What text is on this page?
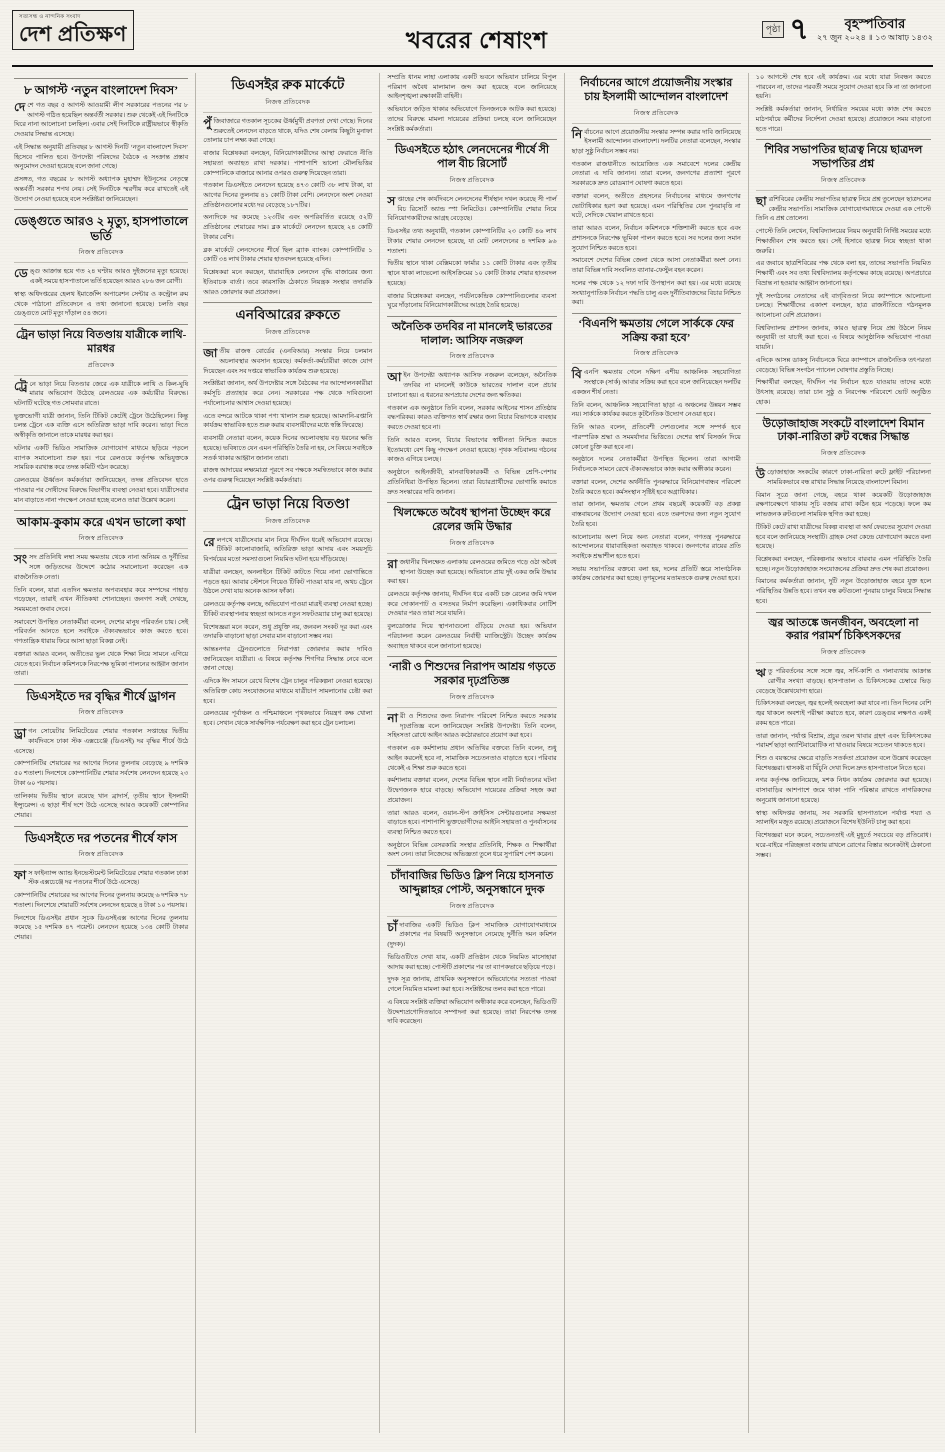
সত্যসন্ধ ও নান্দনিক সংবাদ
দেশ প্রতিক্ষণ	খবরের শেষাংশ	পৃষ্ঠা ৭	বৃহস্পতিবার
২৭ জুন ২০২৪ ॥ ১৩ আষাঢ় ১৪৩২
৮ আগস্ট ‘নতুন বাংলাদেশ দিবস’

দেশে গত বছর ৫ আগস্ট আওয়ামী লীগ সরকারের পতনের পর ৮ আগস্ট গঠিত হয়েছিল অন্তর্বর্তী সরকার। শুরু থেকেই এই দিনটিকে ঘিরে নানা আলোচনা চলছিল। এবার সেই দিনটিকে রাষ্ট্রীয়ভাবে স্বীকৃতি দেওয়ার সিদ্ধান্ত এসেছে।

এই সিদ্ধান্ত অনুযায়ী প্রতিবছর ৮ আগস্ট দিনটি ‘নতুন বাংলাদেশ দিবস’ হিসেবে পালিত হবে। উপদেষ্টা পরিষদের বৈঠকে এ সংক্রান্ত প্রস্তাব অনুমোদন দেওয়া হয়েছে বলে জানা গেছে।

প্রসঙ্গত, গত বছরের ৮ আগস্ট অধ্যাপক মুহাম্মদ ইউনূসের নেতৃত্বে অন্তর্বর্তী সরকার শপথ নেয়। সেই দিনটিকে স্মরণীয় করে রাখতেই এই উদ্যোগ নেওয়া হয়েছে বলে সংশ্লিষ্টরা জানিয়েছেন।

ডেঙ্গুতে আরও ২ মৃত্যু, হাসপাতালে ভর্তি
নিজস্ব প্রতিবেদক

ডেঙ্গু আক্রান্ত হয়ে গত ২৪ ঘণ্টায় আরও দুইজনের মৃত্যু হয়েছে। একই সময়ে হাসপাতালে ভর্তি হয়েছেন আরও ২৮৬ জন রোগী।

স্বাস্থ্য অধিদপ্তরের হেলথ ইমার্জেন্সি অপারেশন সেন্টার ও কন্ট্রোল রুম থেকে পাঠানো প্রতিবেদনে এ তথ্য জানানো হয়েছে। চলতি বছর ডেঙ্গুতে মোট মৃত্যু দাঁড়াল ৫৪ জনে।

ট্রেন ভাড়া নিয়ে বিতণ্ডায় যাত্রীকে লাথি-মারধর
প্রতিবেদক

ট্রেনে ভাড়া নিয়ে বিতণ্ডার জেরে এক যাত্রীকে লাথি ও কিল-ঘুষি মারার অভিযোগ উঠেছে রেলওয়ের এক কর্মচারীর বিরুদ্ধে। ঘটনাটি ঘটেছে গত সোমবার রাতে।

ভুক্তভোগী যাত্রী জানান, তিনি টিকিট কেটেই ট্রেনে উঠেছিলেন। কিন্তু চলন্ত ট্রেনে এক ব্যক্তি এসে অতিরিক্ত ভাড়া দাবি করেন। ভাড়া দিতে অস্বীকৃতি জানালে তাকে মারধর করা হয়।

ঘটনার একটি ভিডিও সামাজিক যোগাযোগ মাধ্যমে ছড়িয়ে পড়লে ব্যাপক সমালোচনা শুরু হয়। পরে রেলওয়ে কর্তৃপক্ষ অভিযুক্তকে সাময়িক বরখাস্ত করে তদন্ত কমিটি গঠন করেছে।

রেলওয়ের ঊর্ধ্বতন কর্মকর্তারা জানিয়েছেন, তদন্ত প্রতিবেদন হাতে পাওয়ার পর দোষীদের বিরুদ্ধে বিভাগীয় ব্যবস্থা নেওয়া হবে। যাত্রীসেবার মান বাড়াতে নানা পদক্ষেপ নেওয়া হচ্ছে বলেও তারা উল্লেখ করেন।

আকাম-কুকাম করে এখন ভালো কথা
নিজস্ব প্রতিবেদক

সংসদ প্রতিনিধি লম্বা সময় ক্ষমতায় থেকে নানা অনিয়ম ও দুর্নীতির সঙ্গে জড়িতদের উদ্দেশে কঠোর সমালোচনা করেছেন এক রাজনৈতিক নেতা।

তিনি বলেন, যারা এতদিন ক্ষমতার অপব্যবহার করে সম্পদের পাহাড় গড়েছেন, তারাই এখন নীতিকথা শোনাচ্ছেন। জনগণ সবই দেখছে, সময়মতো জবাব দেবে।

সমাবেশে উপস্থিত নেতাকর্মীরা বলেন, দেশের মানুষ পরিবর্তন চায়। সেই পরিবর্তন আনতে হলে সবাইকে ঐক্যবদ্ধভাবে কাজ করতে হবে। গণতান্ত্রিক ধারায় ফিরে আসা ছাড়া বিকল্প নেই।

বক্তারা আরও বলেন, অতীতের ভুল থেকে শিক্ষা নিয়ে সামনে এগিয়ে যেতে হবে। নির্বাচন কমিশনকে নিরপেক্ষ ভূমিকা পালনের আহ্বান জানান তারা।

ডিএসইতে দর বৃদ্ধির শীর্ষে ড্রাগন
নিজস্ব প্রতিবেদক

ড্রাগন সোয়েটার লিমিটেডের শেয়ার গতকাল সপ্তাহের দ্বিতীয় কার্যদিবসে ঢাকা স্টক এক্সচেঞ্জে (ডিএসই) দর বৃদ্ধির শীর্ষে উঠে এসেছে।

কোম্পানিটির শেয়ারের দর আগের দিনের তুলনায় বেড়েছে ৯ দশমিক ৫০ শতাংশ। দিনশেষে কোম্পানিটির শেয়ার সর্বশেষ লেনদেন হয়েছে ২৩ টাকা ৬০ পয়সায়।

তালিকায় দ্বিতীয় স্থানে রয়েছে খান ব্রাদার্স, তৃতীয় স্থানে ইসলামী ইন্স্যুরেন্স। এ ছাড়া শীর্ষ দশে উঠে এসেছে আরও কয়েকটি কোম্পানির শেয়ার।

ডিএসইতে দর পতনের শীর্ষে ফাস
নিজস্ব প্রতিবেদক

ফাস ফাইন্যান্স অ্যান্ড ইনভেস্টমেন্ট লিমিটেডের শেয়ার গতকাল ঢাকা স্টক এক্সচেঞ্জে দর পতনের শীর্ষে উঠে এসেছে।

কোম্পানিটির শেয়ারের দর আগের দিনের তুলনায় কমেছে ৬ দশমিক ৭৮ শতাংশ। দিনশেষে শেয়ারটি সর্বশেষ লেনদেন হয়েছে ৪ টাকা ১০ পয়সায়।

দিনশেষে ডিএসইর প্রধান সূচক ডিএসইএক্স আগের দিনের তুলনায় কমেছে ১৫ দশমিক ৪৭ পয়েন্ট। লেনদেন হয়েছে ১৩৪ কোটি টাকার শেয়ার।

ডিএসইর রুক মার্কেটে
নিজস্ব প্রতিবেদক

পুঁজিবাজারে গতকাল সূচকের ঊর্ধ্বমুখী প্রবণতা দেখা গেছে। দিনের শুরুতেই লেনদেন বাড়তে থাকে, যদিও শেষ বেলায় কিছুটা মুনাফা তোলার চাপ লক্ষ্য করা গেছে।

বাজার বিশ্লেষকরা বলছেন, বিনিয়োগকারীদের আস্থা ফেরাতে নীতি সহায়তা অব্যাহত রাখা দরকার। পাশাপাশি ভালো মৌলভিত্তির কোম্পানিকে বাজারে আনার ওপরও গুরুত্ব দিয়েছেন তারা।

গতকাল ডিএসইতে লেনদেন হয়েছে ৪৭৩ কোটি ৩৮ লাখ টাকা, যা আগের দিনের তুলনায় ৪১ কোটি টাকা বেশি। লেনদেনে অংশ নেওয়া প্রতিষ্ঠানগুলোর মধ্যে দর বেড়েছে ১৮৭টির।

অন্যদিকে দর কমেছে ১২৩টির এবং অপরিবর্তিত রয়েছে ৫২টি প্রতিষ্ঠানের শেয়ারের দাম। ব্লক মার্কেটে লেনদেন হয়েছে ২৪ কোটি টাকার বেশি।

ব্লক মার্কেটে লেনদেনের শীর্ষে ছিল ব্র্যাক ব্যাংক। কোম্পানিটির ১ কোটি ৩৪ লাখ টাকার শেয়ার হাতবদল হয়েছে এদিন।

বিশ্লেষকরা মনে করছেন, ধারাবাহিক লেনদেন বৃদ্ধি বাজারের জন্য ইতিবাচক বার্তা। তবে কারসাজি ঠেকাতে নিয়ন্ত্রক সংস্থার তদারকি আরও জোরদার করা প্রয়োজন।

এনবিআরের রুকতে
নিজস্ব প্রতিবেদক

জাতীয় রাজস্ব বোর্ডের (এনবিআর) সংস্কার নিয়ে চলমান অচলাবস্থার অবসান হয়েছে। কর্মকর্তা-কর্মচারীরা কাজে যোগ দিয়েছেন এবং সব দপ্তরে স্বাভাবিক কার্যক্রম শুরু হয়েছে।

সংশ্লিষ্টরা জানান, অর্থ উপদেষ্টার সঙ্গে বৈঠকের পর আন্দোলনকারীরা কর্মসূচি প্রত্যাহার করে নেন। সরকারের পক্ষ থেকে দাবিগুলো পর্যালোচনার আশ্বাস দেওয়া হয়েছে।

এতে বন্দরে আটকে থাকা পণ্য খালাস শুরু হয়েছে। আমদানি-রপ্তানি কার্যক্রম স্বাভাবিক হতে শুরু করায় ব্যবসায়ীদের মধ্যে স্বস্তি ফিরেছে।

ব্যবসায়ী নেতারা বলেন, কয়েক দিনের অচলাবস্থায় বড় ধরনের ক্ষতি হয়েছে। ভবিষ্যতে যেন এমন পরিস্থিতি তৈরি না হয়, সে বিষয়ে সবাইকে সতর্ক থাকার আহ্বান জানান তারা।

রাজস্ব আদায়ের লক্ষ্যমাত্রা পূরণে সব পক্ষকে সমন্বিতভাবে কাজ করার ওপর গুরুত্ব দিয়েছেন সংশ্লিষ্ট কর্মকর্তারা।

ট্রেন ভাড়া নিয়ে বিতণ্ডা
নিজস্ব প্রতিবেদক

রেলপথে যাত্রীসেবার মান নিয়ে দীর্ঘদিন ধরেই অভিযোগ রয়েছে। টিকিট কালোবাজারি, অতিরিক্ত ভাড়া আদায় এবং সময়সূচি বিপর্যয়ের মতো সমস্যাগুলো নিয়মিত ঘটনা হয়ে দাঁড়িয়েছে।

যাত্রীরা বলছেন, অনলাইনে টিকিট কাটতে গিয়ে নানা ভোগান্তিতে পড়তে হয়। আবার স্টেশনে গিয়েও টিকিট পাওয়া যায় না, অথচ ট্রেনে উঠলে দেখা যায় অনেক আসন ফাঁকা।

রেলওয়ে কর্তৃপক্ষ বলছে, অভিযোগ পাওয়া মাত্রই ব্যবস্থা নেওয়া হচ্ছে। টিকিট ব্যবস্থাপনায় স্বচ্ছতা আনতে নতুন সফটওয়্যার চালু করা হয়েছে।

বিশেষজ্ঞরা মনে করেন, শুধু প্রযুক্তি নয়, জনবল সংকট দূর করা এবং তদারকি বাড়ানো ছাড়া সেবার মান বাড়ানো সম্ভব নয়।

আন্তঃনগর ট্রেনগুলোতে নিরাপত্তা জোরদার করার দাবিও জানিয়েছেন যাত্রীরা। এ বিষয়ে কর্তৃপক্ষ শিগগির সিদ্ধান্ত নেবে বলে জানা গেছে।

এদিকে ঈদ সামনে রেখে বিশেষ ট্রেন চালুর পরিকল্পনা নেওয়া হয়েছে। অতিরিক্ত কোচ সংযোজনের মাধ্যমে যাত্রীচাপ সামলানোর চেষ্টা করা হবে।

রেলওয়ের পূর্বাঞ্চল ও পশ্চিমাঞ্চলে পৃথকভাবে নিয়ন্ত্রণ কক্ষ খোলা হবে। সেখান থেকে সার্বক্ষণিক পর্যবেক্ষণ করা হবে ট্রেন চলাচল।

সম্প্রতি ধানম লাহা এলাকায় একটি ভবনে অভিযান চালিয়ে বিপুল পরিমাণ অবৈধ মালামাল জব্দ করা হয়েছে বলে জানিয়েছে আইনশৃঙ্খলা রক্ষাকারী বাহিনী।

অভিযানে জড়িত থাকার অভিযোগে তিনজনকে আটক করা হয়েছে। তাদের বিরুদ্ধে মামলা দায়েরের প্রক্রিয়া চলছে বলে জানিয়েছেন সংশ্লিষ্ট কর্মকর্তারা।

ডিএসইতে হঠাৎ লেনদেনের শীর্ষে সী পাল বীচ রিসোর্ট
নিজস্ব প্রতিবেদক

সপ্তাহের শেষ কার্যদিবসে লেনদেনের শীর্ষস্থান দখল করেছে সী পার্ল বিচ রিসোর্ট অ্যান্ড স্পা লিমিটেড। কোম্পানিটির শেয়ার নিয়ে বিনিয়োগকারীদের আগ্রহ বেড়েছে।

ডিএসইর তথ্য অনুযায়ী, গতকাল কোম্পানিটির ২৩ কোটি ৪৬ লাখ টাকার শেয়ার লেনদেন হয়েছে, যা মোট লেনদেনের ৪ দশমিক ৯৬ শতাংশ।

দ্বিতীয় স্থানে থাকা বেক্সিমকো ফার্মার ১১ কোটি টাকার এবং তৃতীয় স্থানে থাকা লাভেলো আইসক্রিমের ১০ কোটি টাকার শেয়ার হাতবদল হয়েছে।

বাজার বিশ্লেষকরা বলছেন, পর্যটনকেন্দ্রিক কোম্পানিগুলোর ব্যবসা ঘুরে দাঁড়ানোয় বিনিয়োগকারীদের আগ্রহ তৈরি হয়েছে।

অনৈতিক তদবির না মানলেই ভারতের দালাল: আসিফ নজরুল
নিজস্ব প্রতিবেদক

আইন উপদেষ্টা অধ্যাপক আসিফ নজরুল বলেছেন, অনৈতিক তদবির না মানলেই কাউকে ভারতের দালাল বলে প্রচার চালানো হয়। এ ধরনের অপপ্রচার দেশের জন্য ক্ষতিকর।

গতকাল এক অনুষ্ঠানে তিনি বলেন, সরকার আইনের শাসন প্রতিষ্ঠায় বদ্ধপরিকর। কারও ব্যক্তিগত স্বার্থ রক্ষার জন্য বিচার বিভাগকে ব্যবহার করতে দেওয়া হবে না।

তিনি আরও বলেন, বিচার বিভাগের স্বাধীনতা নিশ্চিত করতে ইতোমধ্যে বেশ কিছু পদক্ষেপ নেওয়া হয়েছে। পৃথক সচিবালয় গঠনের কাজও এগিয়ে চলছে।

অনুষ্ঠানে আইনজীবী, মানবাধিকারকর্মী ও বিভিন্ন শ্রেণি-পেশার প্রতিনিধিরা উপস্থিত ছিলেন। তারা বিচারপ্রার্থীদের ভোগান্তি কমাতে দ্রুত সংস্কারের দাবি জানান।

খিলক্ষেতে অবৈধ স্থাপনা উচ্ছেদ করে রেলের জমি উদ্ধার
নিজস্ব প্রতিবেদক

রাজধানীর খিলক্ষেত এলাকায় রেলওয়ের জমিতে গড়ে ওঠা অবৈধ স্থাপনা উচ্ছেদ করা হয়েছে। অভিযানে প্রায় দুই একর জমি উদ্ধার করা হয়।

রেলওয়ে কর্তৃপক্ষ জানায়, দীর্ঘদিন ধরে একটি চক্র রেলের জমি দখল করে দোকানপাট ও বসতঘর নির্মাণ করেছিল। একাধিকবার নোটিশ দেওয়ার পরও তারা সরে যায়নি।

বুলডোজার দিয়ে স্থাপনাগুলো গুঁড়িয়ে দেওয়া হয়। অভিযান পরিচালনা করেন রেলওয়ের নির্বাহী ম্যাজিস্ট্রেট। উচ্ছেদ কার্যক্রম অব্যাহত থাকবে বলে জানানো হয়েছে।

‘নারী ও শিশুদের নিরাপদ আশ্রয় গড়তে সরকার দৃঢ়প্রতিজ্ঞ
নিজস্ব প্রতিবেদক

নারী ও শিশুদের জন্য নিরাপদ পরিবেশ নিশ্চিত করতে সরকার দৃঢ়প্রতিজ্ঞ বলে জানিয়েছেন সংশ্লিষ্ট উপদেষ্টা। তিনি বলেন, সহিংসতা রোধে আইন আরও কঠোরভাবে প্রয়োগ করা হবে।

গতকাল এক কর্মশালায় প্রধান অতিথির বক্তব্যে তিনি বলেন, শুধু আইন করলেই হবে না, সামাজিক সচেতনতাও বাড়াতে হবে। পরিবার থেকেই এ শিক্ষা শুরু করতে হবে।

কর্মশালায় বক্তারা বলেন, দেশের বিভিন্ন স্থানে নারী নির্যাতনের ঘটনা উদ্বেগজনক হারে বাড়ছে। অভিযোগ দায়েরের প্রক্রিয়া সহজ করা প্রয়োজন।

তারা আরও বলেন, ওয়ান-স্টপ ক্রাইসিস সেন্টারগুলোর সক্ষমতা বাড়াতে হবে। পাশাপাশি ভুক্তভোগীদের আইনি সহায়তা ও পুনর্বাসনের ব্যবস্থা নিশ্চিত করতে হবে।

অনুষ্ঠানে বিভিন্ন বেসরকারি সংস্থার প্রতিনিধি, শিক্ষক ও শিক্ষার্থীরা অংশ নেন। তারা নিজেদের অভিজ্ঞতা তুলে ধরে সুপারিশ পেশ করেন।

চাঁদাবাজির ভিডিও ক্লিপ নিয়ে হাসনাত আব্দুল্লাহর পোস্ট, অনুসন্ধানে দুদক
নিজস্ব প্রতিবেদক

চাঁদাবাজির একটি ভিডিও ক্লিপ সামাজিক যোগাযোগমাধ্যমে প্রকাশের পর বিষয়টি অনুসন্ধানে নেমেছে দুর্নীতি দমন কমিশন (দুদক)।

ভিডিওটিতে দেখা যায়, একটি প্রতিষ্ঠান থেকে নিয়মিত মাসোহারা আদায় করা হচ্ছে। পোস্টটি প্রকাশের পর তা ব্যাপকভাবে ছড়িয়ে পড়ে।

দুদক সূত্র জানায়, প্রাথমিক অনুসন্ধানে অভিযোগের সত্যতা পাওয়া গেলে নিয়মিত মামলা করা হবে। সংশ্লিষ্টদের তলব করা হতে পারে।

এ বিষয়ে সংশ্লিষ্ট ব্যক্তিরা অভিযোগ অস্বীকার করে বলেছেন, ভিডিওটি উদ্দেশ্যপ্রণোদিতভাবে সম্পাদনা করা হয়েছে। তারা নিরপেক্ষ তদন্ত দাবি করেছেন।

নির্বাচনের আগে প্রয়োজনীয় সংস্কার চায় ইসলামী আন্দোলন বাংলাদেশ
নিজস্ব প্রতিবেদক

নির্বাচনের আগে প্রয়োজনীয় সংস্কার সম্পন্ন করার দাবি জানিয়েছে ইসলামী আন্দোলন বাংলাদেশ। দলটির নেতারা বলেছেন, সংস্কার ছাড়া সুষ্ঠু নির্বাচন সম্ভব নয়।

গতকাল রাজধানীতে আয়োজিত এক সমাবেশে দলের কেন্দ্রীয় নেতারা এ দাবি জানান। তারা বলেন, জনগণের প্রত্যাশা পূরণে সরকারকে দ্রুত রোডম্যাপ ঘোষণা করতে হবে।

বক্তারা বলেন, অতীতে প্রহসনের নির্বাচনের মাধ্যমে জনগণের ভোটাধিকার হরণ করা হয়েছে। এমন পরিস্থিতির যেন পুনরাবৃত্তি না ঘটে, সেদিকে খেয়াল রাখতে হবে।

তারা আরও বলেন, নির্বাচন কমিশনকে শক্তিশালী করতে হবে এবং প্রশাসনকে নিরপেক্ষ ভূমিকা পালন করতে হবে। সব দলের জন্য সমান সুযোগ নিশ্চিত করতে হবে।

সমাবেশে দেশের বিভিন্ন জেলা থেকে আসা নেতাকর্মীরা অংশ নেন। তারা বিভিন্ন দাবি সংবলিত ব্যানার-ফেস্টুন বহন করেন।

দলের পক্ষ থেকে ১২ দফা দাবি উপস্থাপন করা হয়। এর মধ্যে রয়েছে সংখ্যানুপাতিক নির্বাচন পদ্ধতি চালু এবং দুর্নীতিবাজদের বিচার নিশ্চিত করা।

‘বিএনপি ক্ষমতায় গেলে সার্ককে ফের সক্রিয় করা হবে’
নিজস্ব প্রতিবেদক

বিএনপি ক্ষমতায় গেলে দক্ষিণ এশীয় আঞ্চলিক সহযোগিতা সংস্থাকে (সার্ক) আবার সক্রিয় করা হবে বলে জানিয়েছেন দলটির একজন শীর্ষ নেতা।

তিনি বলেন, আঞ্চলিক সহযোগিতা ছাড়া এ অঞ্চলের উন্নয়ন সম্ভব নয়। সার্ককে কার্যকর করতে কূটনৈতিক উদ্যোগ নেওয়া হবে।

তিনি আরও বলেন, প্রতিবেশী দেশগুলোর সঙ্গে সম্পর্ক হবে পারস্পরিক শ্রদ্ধা ও সমমর্যাদার ভিত্তিতে। দেশের স্বার্থ বিসর্জন দিয়ে কোনো চুক্তি করা হবে না।

অনুষ্ঠানে দলের নেতাকর্মীরা উপস্থিত ছিলেন। তারা আগামী নির্বাচনকে সামনে রেখে ঐক্যবদ্ধভাবে কাজ করার অঙ্গীকার করেন।

বক্তারা বলেন, দেশের অর্থনীতি পুনরুদ্ধারে বিনিয়োগবান্ধব পরিবেশ তৈরি করতে হবে। কর্মসংস্থান সৃষ্টিই হবে অগ্রাধিকার।

তারা জানান, ক্ষমতায় গেলে প্রথম বছরেই কয়েকটি বড় প্রকল্প বাস্তবায়নের উদ্যোগ নেওয়া হবে। এতে তরুণদের জন্য নতুন সুযোগ তৈরি হবে।

আলোচনায় অংশ নিয়ে অন্য নেতারা বলেন, গণতন্ত্র পুনরুদ্ধারে আন্দোলনের ধারাবাহিকতা অব্যাহত থাকবে। জনগণের রায়ের প্রতি সবাইকে শ্রদ্ধাশীল হতে হবে।

সভায় সভাপতির বক্তব্যে বলা হয়, দলের প্রতিটি স্তরে সাংগঠনিক কার্যক্রম জোরদার করা হচ্ছে। তৃণমূলের মতামতকে গুরুত্ব দেওয়া হবে।

১০ আগস্টে শেষ হবে এই কার্যক্রম। এর মধ্যে যারা নিবন্ধন করতে পারবেন না, তাদের পরবর্তী সময়ে সুযোগ দেওয়া হবে কি না তা জানানো হয়নি।

সংশ্লিষ্ট কর্মকর্তারা জানান, নির্ধারিত সময়ের মধ্যে কাজ শেষ করতে মাঠপর্যায়ে কর্মীদের নির্দেশনা দেওয়া হয়েছে। প্রয়োজনে সময় বাড়ানো হতে পারে।

শিবির সভাপতির ছাত্রত্ব নিয়ে ছাত্রদল সভাপতির প্রশ্ন
নিজস্ব প্রতিবেদক

ছাত্রশিবিরের কেন্দ্রীয় সভাপতির ছাত্রত্ব নিয়ে প্রশ্ন তুলেছেন ছাত্রদলের কেন্দ্রীয় সভাপতি। সামাজিক যোগাযোগমাধ্যমে দেওয়া এক পোস্টে তিনি এ প্রশ্ন তোলেন।

পোস্টে তিনি লেখেন, বিশ্ববিদ্যালয়ের নিয়ম অনুযায়ী নির্দিষ্ট সময়ের মধ্যে শিক্ষাজীবন শেষ করতে হয়। সেই হিসাবে ছাত্রত্ব নিয়ে স্বচ্ছতা থাকা জরুরি।

এর জবাবে ছাত্রশিবিরের পক্ষ থেকে বলা হয়, তাদের সভাপতি নিয়মিত শিক্ষার্থী এবং সব তথ্য বিশ্ববিদ্যালয় কর্তৃপক্ষের কাছে রয়েছে। অপপ্রচারে বিভ্রান্ত না হওয়ার আহ্বান জানানো হয়।

দুই সংগঠনের নেতাদের এই বাগ্‌বিতণ্ডা নিয়ে ক্যাম্পাসে আলোচনা চলছে। শিক্ষার্থীদের একাংশ বলছেন, ছাত্র রাজনীতিতে গঠনমূলক আলোচনা বেশি প্রয়োজন।

বিশ্ববিদ্যালয় প্রশাসন জানায়, কারও ছাত্রত্ব নিয়ে প্রশ্ন উঠলে নিয়ম অনুযায়ী তা যাচাই করা হবে। এ বিষয়ে আনুষ্ঠানিক অভিযোগ পাওয়া যায়নি।

এদিকে আসন্ন ডাকসু নির্বাচনকে ঘিরে ক্যাম্পাসে রাজনৈতিক তৎপরতা বেড়েছে। বিভিন্ন সংগঠন প্যানেল ঘোষণার প্রস্তুতি নিচ্ছে।

শিক্ষার্থীরা বলছেন, দীর্ঘদিন পর নির্বাচন হতে যাওয়ায় তাদের মধ্যে উৎসাহ রয়েছে। তারা চান সুষ্ঠু ও নিরপেক্ষ পরিবেশে ভোট অনুষ্ঠিত হোক।

উড়োজাহাজ সংকটে বাংলাদেশ বিমান ঢাকা-নারিতা রুট বন্ধের সিদ্ধান্ত
নিজস্ব প্রতিবেদক

উড়োজাহাজ সংকটের কারণে ঢাকা-নারিতা রুটে ফ্লাইট পরিচালনা সাময়িকভাবে বন্ধ রাখার সিদ্ধান্ত নিয়েছে বাংলাদেশ বিমান।

বিমান সূত্রে জানা গেছে, বহরে থাকা কয়েকটি উড়োজাহাজ রক্ষণাবেক্ষণে থাকায় সূচি বজায় রাখা কঠিন হয়ে পড়েছে। ফলে কম লাভজনক রুটগুলো সাময়িক স্থগিত করা হচ্ছে।

টিকিট কেটে রাখা যাত্রীদের বিকল্প ব্যবস্থা বা অর্থ ফেরতের সুযোগ দেওয়া হবে বলে জানিয়েছে সংস্থাটি। গ্রাহক সেবা কেন্দ্রে যোগাযোগ করতে বলা হয়েছে।

বিশ্লেষকরা বলছেন, পরিকল্পনার অভাবে বারবার এমন পরিস্থিতি তৈরি হচ্ছে। নতুন উড়োজাহাজ সংযোজনের প্রক্রিয়া দ্রুত শেষ করা প্রয়োজন।

বিমানের কর্মকর্তারা জানান, দুটি নতুন উড়োজাহাজ বহরে যুক্ত হলে পরিস্থিতির উন্নতি হবে। তখন বন্ধ রুটগুলো পুনরায় চালুর বিষয়ে সিদ্ধান্ত হবে।

জ্বর আতঙ্কে জনজীবন, অবহেলা না করার পরামর্শ চিকিৎসকদের
নিজস্ব প্রতিবেদক

ঋতু পরিবর্তনের সঙ্গে সঙ্গে জ্বর, সর্দি-কাশি ও গলাব্যথায় আক্রান্ত রোগীর সংখ্যা বাড়ছে। হাসপাতাল ও চিকিৎসকের চেম্বারে ভিড় বেড়েছে উল্লেখযোগ্য হারে।

চিকিৎসকরা বলছেন, জ্বর হলেই অবহেলা করা যাবে না। তিন দিনের বেশি জ্বর থাকলে অবশ্যই পরীক্ষা করাতে হবে, কারণ ডেঙ্গুর লক্ষণও একই রকম হতে পারে।

তারা জানান, পর্যাপ্ত বিশ্রাম, প্রচুর তরল খাবার গ্রহণ এবং চিকিৎসকের পরামর্শ ছাড়া অ্যান্টিবায়োটিক না খাওয়ার বিষয়ে সচেতন থাকতে হবে।

শিশু ও বয়স্কদের ক্ষেত্রে বাড়তি সতর্কতা প্রয়োজন বলে উল্লেখ করেছেন বিশেষজ্ঞরা। শ্বাসকষ্ট বা খিঁচুনি দেখা দিলে দ্রুত হাসপাতালে নিতে হবে।

নগর কর্তৃপক্ষ জানিয়েছে, মশক নিধন কার্যক্রম জোরদার করা হয়েছে। বাসাবাড়ির আশপাশে জমে থাকা পানি পরিষ্কার রাখতে নাগরিকদের অনুরোধ জানানো হয়েছে।

স্বাস্থ্য অধিদপ্তর জানায়, সব সরকারি হাসপাতালে পর্যাপ্ত শয্যা ও স্যালাইন মজুত রয়েছে। প্রয়োজনে বিশেষ ইউনিট চালু করা হবে।

বিশেষজ্ঞরা মনে করেন, সচেতনতাই এই মুহূর্তে সবচেয়ে বড় প্রতিরোধ। ঘরে-বাইরে পরিচ্ছন্নতা বজায় রাখলে রোগের বিস্তার অনেকটাই ঠেকানো সম্ভব।
